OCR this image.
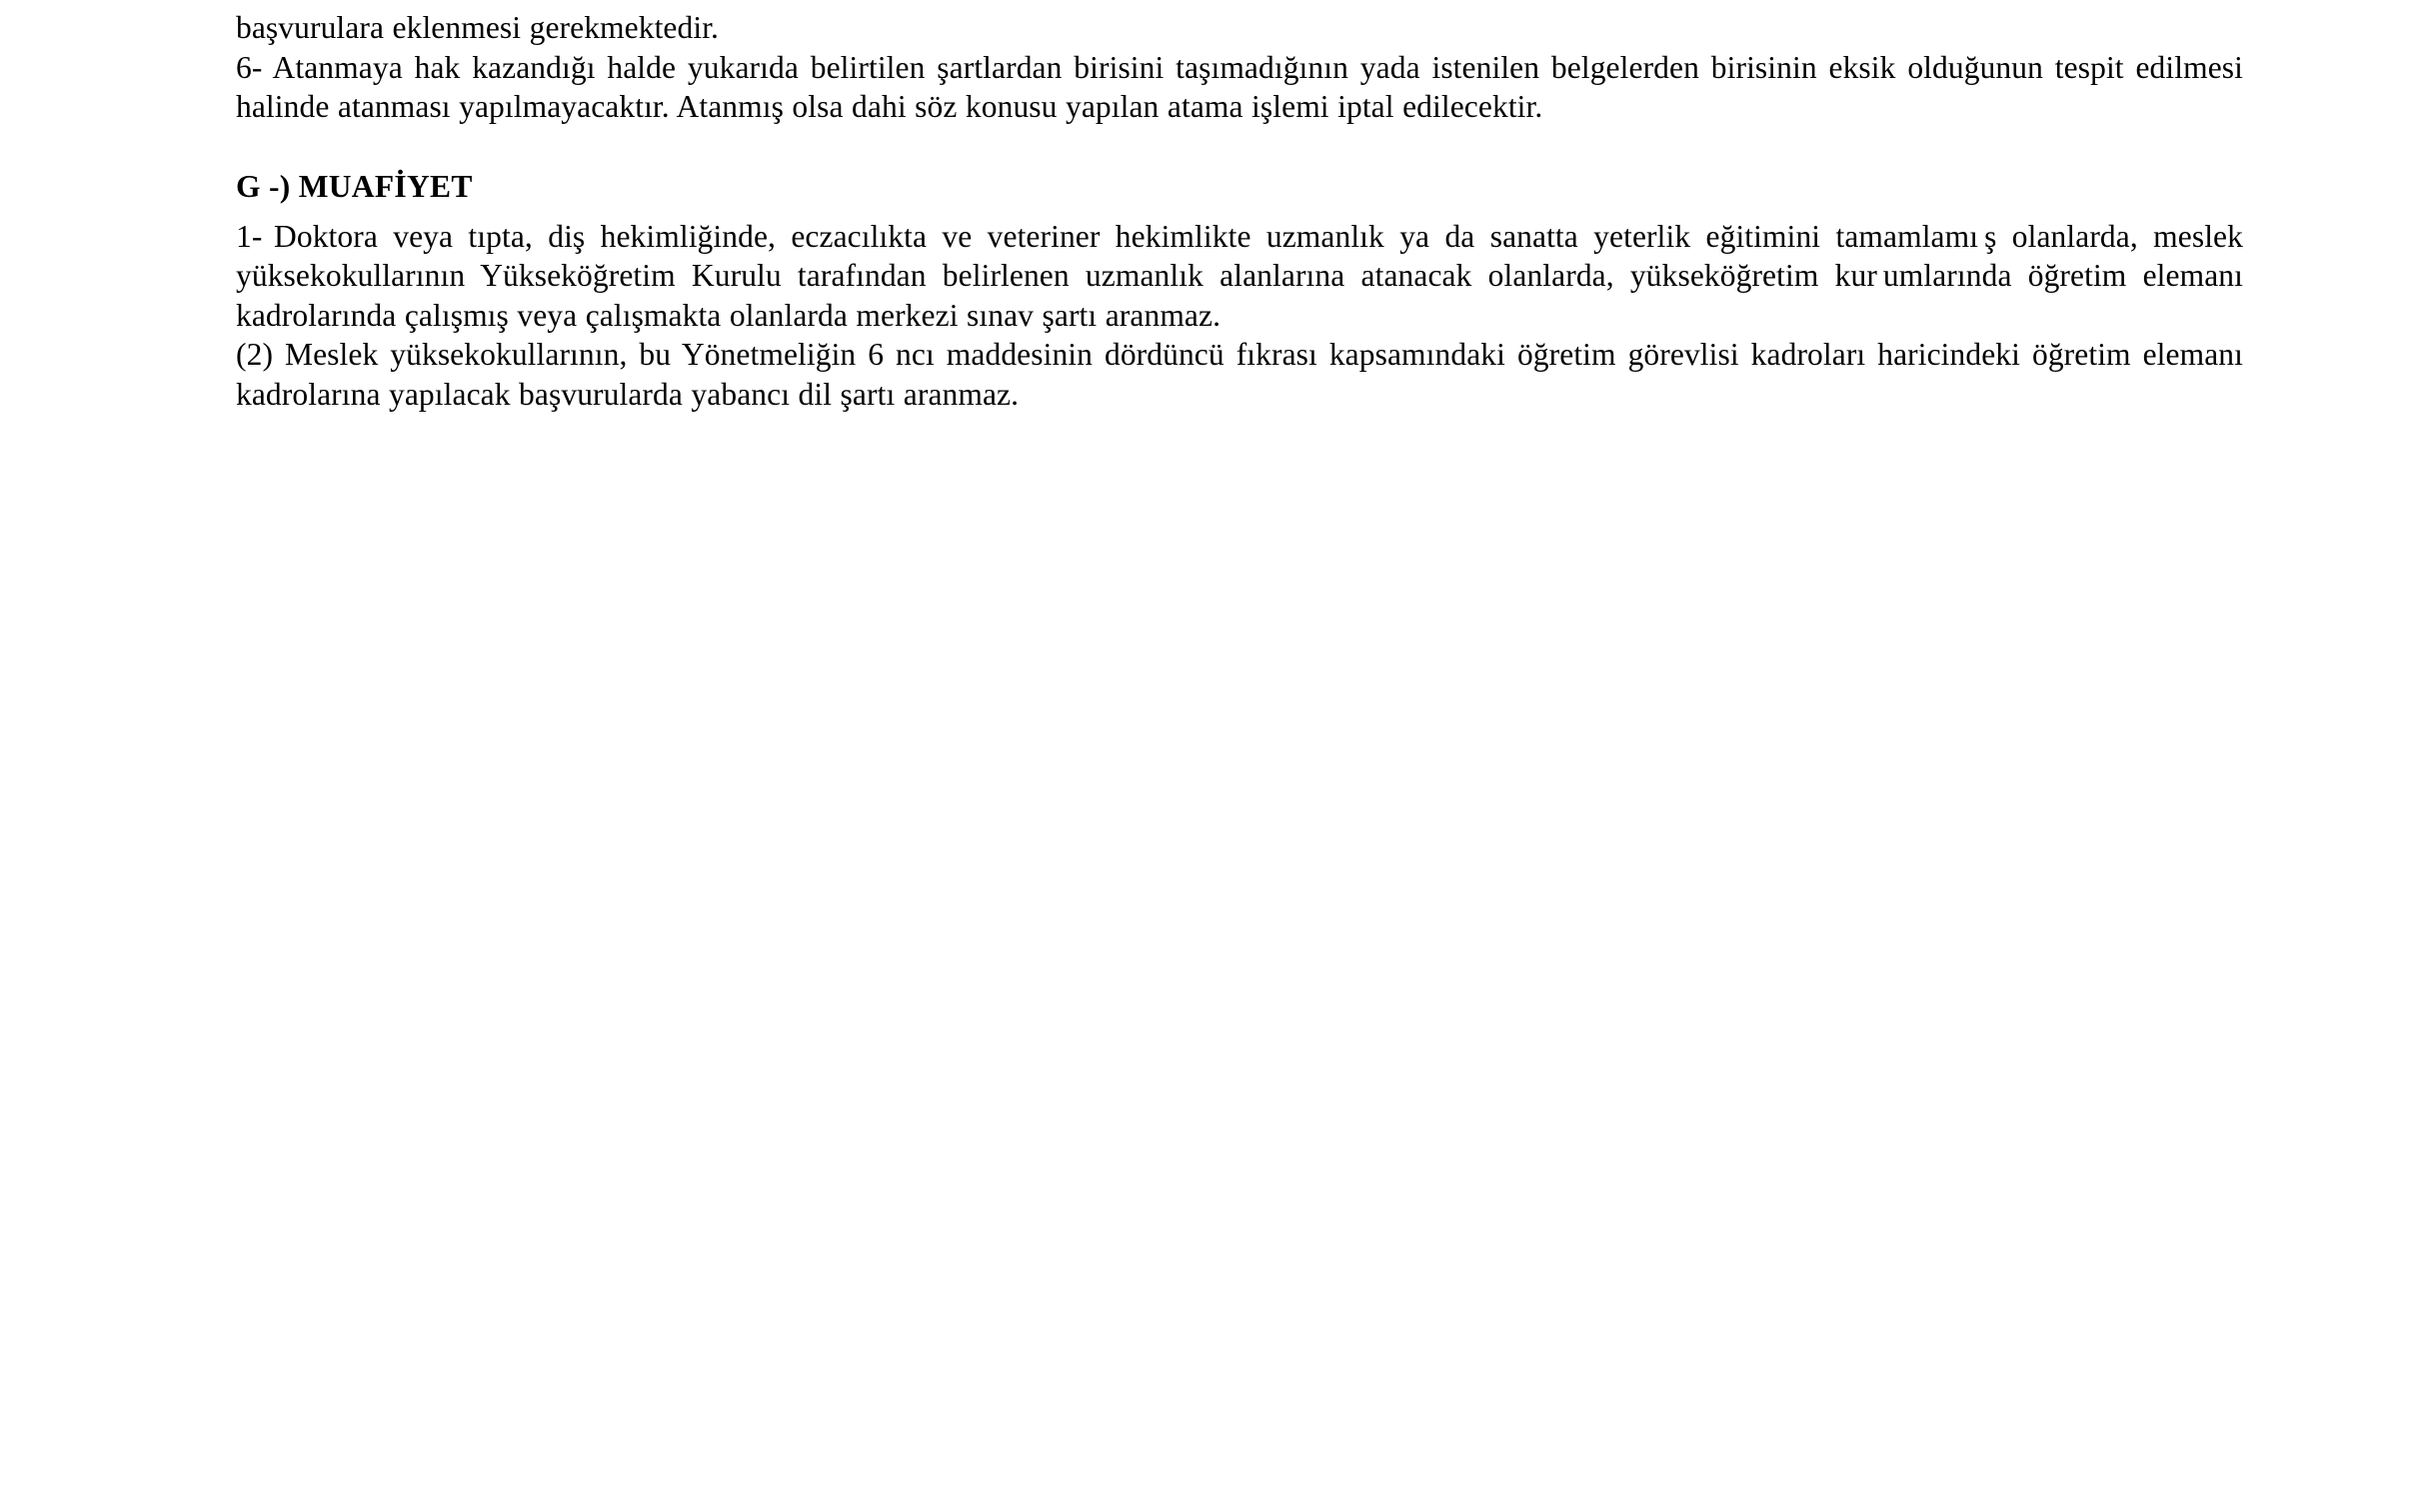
başvurulara eklenmesi gerekmektedir.

6- Atanmaya hak kazandığı halde yukarıda belirtilen şartlardan birisini taşımadığının yada istenilen belgelerden birisinin eksik olduğunun tespit edilmesi halinde atanması yapılmayacaktır. Atanmış olsa dahi söz konusu yapılan atama işlemi iptal edilecektir.

G -) MUAFİYET

1- Doktora veya tıpta, diş hekimliğinde, eczacılıkta ve veteriner hekimlikte uzmanlık ya da sanatta yeterlik eğitimini tamamlamı ş olanlarda, meslek yüksekokullarının Yükseköğretim Kurulu tarafından belirlenen uzmanlık alanlarına atanacak olanlarda, yükseköğretim kur umlarında öğretim elemanı kadrolarında çalışmış veya çalışmakta olanlarda merkezi sınav şartı aranmaz.

(2) Meslek yüksekokullarının, bu Yönetmeliğin 6 ncı maddesinin dördüncü fıkrası kapsamındaki öğretim görevlisi kadroları haricindeki öğretim elemanı kadrolarına yapılacak başvurularda yabancı dil şartı aranmaz.
